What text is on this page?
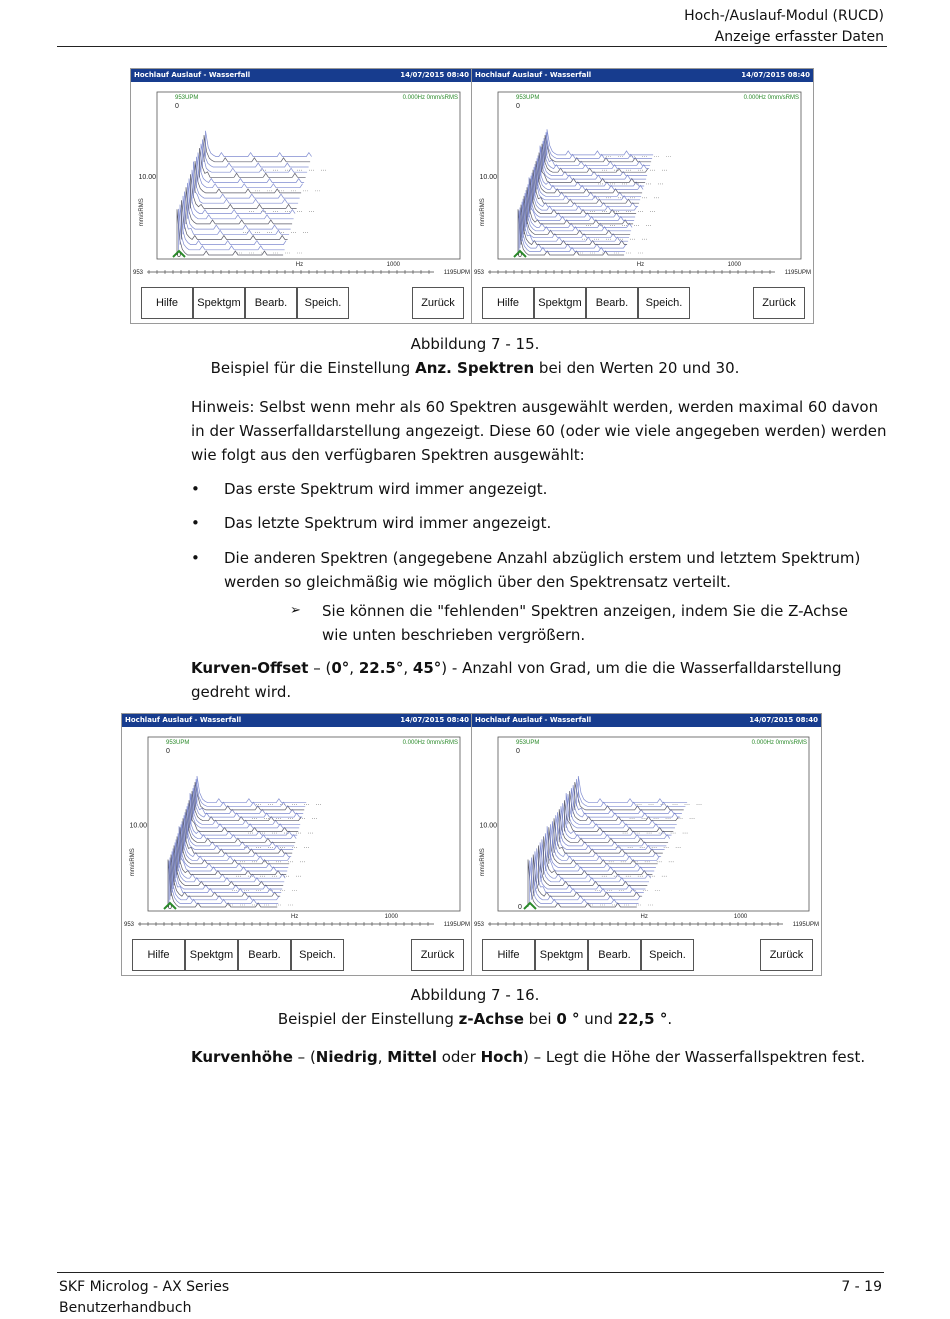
Hoch-/Auslauf-Modul (RUCD)
Anzeige erfasster Daten
Hochlauf Auslauf - Wasserfall	14/07/2015 08:40
953UPM	0.000Hz 0mm/sRMS
0
10.00
mm/sRMS
0
Hz	1000
953	1195UPM
Hilfe	Spektgm	Bearb.	Speich.	Zurück
Hochlauf Auslauf - Wasserfall	14/07/2015 08:40
953UPM	0.000Hz 0mm/sRMS
0
10.00
mm/sRMS
0
Hz	1000
953	1195UPM
Hilfe	Spektgm	Bearb.	Speich.	Zurück
Abbildung 7 - 15.
Beispiel für die Einstellung Anz. Spektren bei den Werten 20 und 30.
Hinweis: Selbst wenn mehr als 60 Spektren ausgewählt werden, werden maximal 60 davon in der Wasserfalldarstellung angezeigt. Diese 60 (oder wie viele angegeben werden) werden wie folgt aus den verfügbaren Spektren ausgewählt:
• Das erste Spektrum wird immer angezeigt.
• Das letzte Spektrum wird immer angezeigt.
• Die anderen Spektren (angegebene Anzahl abzüglich erstem und letztem Spektrum) werden so gleichmäßig wie möglich über den Spektrensatz verteilt.
➢ Sie können die "fehlenden" Spektren anzeigen, indem Sie die Z-Achse wie unten beschrieben vergrößern.
Kurven-Offset – (0°, 22.5°, 45°) - Anzahl von Grad, um die die Wasserfalldarstellung gedreht wird.
Hochlauf Auslauf - Wasserfall	14/07/2015 08:40
953UPM	0.000Hz 0mm/sRMS
0
10.00
mm/sRMS
0
Hz	1000
953	1195UPM
Hilfe	Spektgm	Bearb.	Speich.	Zurück
Hochlauf Auslauf - Wasserfall	14/07/2015 08:40
953UPM	0.000Hz 0mm/sRMS
0
10.00
mm/sRMS
0
Hz	1000
953	1195UPM
Hilfe	Spektgm	Bearb.	Speich.	Zurück
Abbildung 7 - 16.
Beispiel der Einstellung z-Achse bei 0 ° und 22,5 °.
Kurvenhöhe – (Niedrig, Mittel oder Hoch) – Legt die Höhe der Wasserfallspektren fest.
SKF Microlog - AX Series
Benutzerhandbuch
7 - 19
